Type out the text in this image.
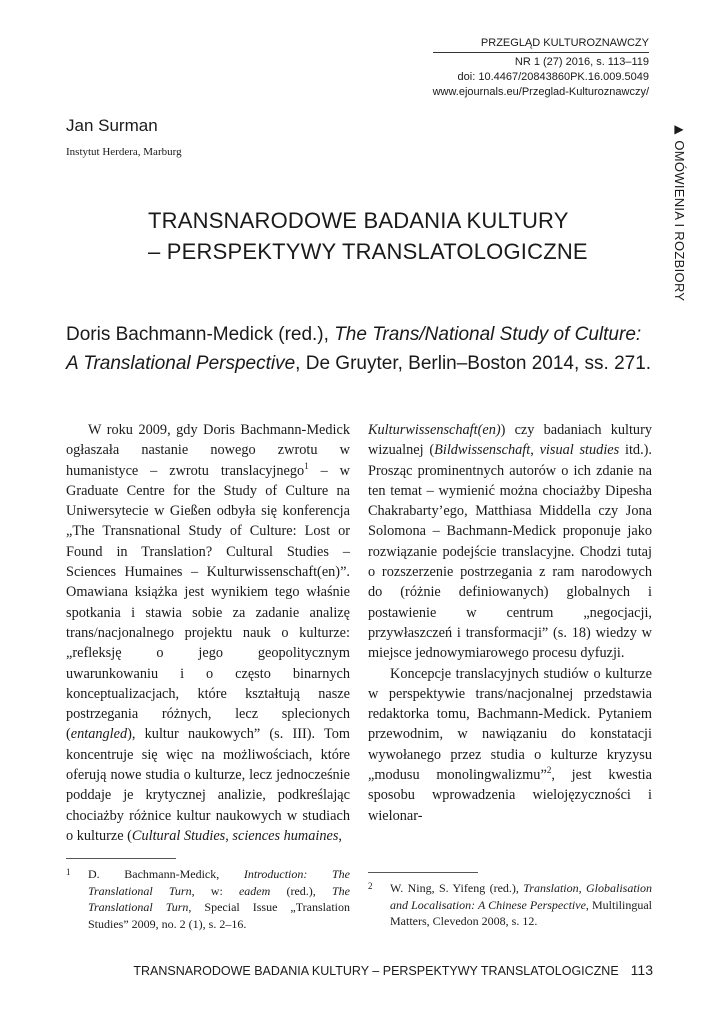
PRZEGLĄD KULTUROZNAWCZY
NR 1 (27) 2016, s. 113–119
doi: 10.4467/20843860PK.16.009.5049
www.ejournals.eu/Przeglad-Kulturoznawczy/
Jan Surman
Instytut Herdera, Marburg
▶OMÓWIENIA I ROZBIORY
TRANSNARODOWE BADANIA KULTURY
– PERSPEKTYWY TRANSLATOLOGICZNE
Doris Bachmann-Medick (red.), The Trans/National Study of Culture:
A Translational Perspective, De Gruyter, Berlin–Boston 2014, ss. 271.

W roku 2009, gdy Doris Bachmann-Medick ogłaszała nastanie nowego zwrotu w humanistyce – zwrotu translacyjnego$^1$ – w Graduate Centre for the Study of Culture na Uniwersytecie w Gießen odbyła się konferencja „The Transnational Study of Culture: Lost or Found in Translation? Cultural Studies – Sciences Humaines – Kulturwissenschaft(en)”. Omawiana książka jest wynikiem tego właśnie spotkania i stawia sobie za zadanie analizę trans/nacjonalnego projektu nauk o kulturze: „refleksję o jego geopolitycznym uwarunkowaniu i o często binarnych konceptualizacjach, które kształtują nasze postrzegania różnych, lecz splecionych (entangled), kultur naukowych” (s. III). Tom koncentruje się więc na możliwościach, które oferują nowe studia o kulturze, lecz jednocześnie poddaje je krytycznej analizie, podkreślając chociażby różnice kultur naukowych w studiach o kulturze (Cultural Studies, sciences humaines,

Kulturwissenschaft(en)) czy badaniach kultury wizualnej (Bildwissenschaft, visual studies itd.). Prosząc prominentnych autorów o ich zdanie na ten temat – wymienić można chociażby Dipesha Chakrabarty’ego, Matthiasa Middella czy Jona Solomona – Bachmann-Medick proponuje jako rozwiązanie podejście translacyjne. Chodzi tutaj o rozszerzenie postrzegania z ram narodowych do (różnie definiowanych) globalnych i postawienie w centrum „negocjacji, przywłaszczeń i transformacji” (s. 18) wiedzy w miejsce jednowymiarowego procesu dyfuzji.

Koncepcje translacyjnych studiów o kulturze w perspektywie trans/nacjonalnej przedstawia redaktorka tomu, Bachmann-Medick. Pytaniem przewodnim, w nawiązaniu do konstatacji wywołanego przez studia o kulturze kryzysu „modusu monolingwalizmu”$^2$, jest kwestia sposobu wprowadzenia wielojęzyczności i wielonar-

1	D. Bachmann-Medick, Introduction: The Translational Turn, w: eadem (red.), The Translational Turn, Special Issue „Translation Studies” 2009, no. 2 (1), s. 2–16.
2	W. Ning, S. Yifeng (red.), Translation, Globalisation and Localisation: A Chinese Perspective, Multilingual Matters, Clevedon 2008, s. 12.
TRANSNARODOWE BADANIA KULTURY – PERSPEKTYWY TRANSLATOLOGICZNE 113
